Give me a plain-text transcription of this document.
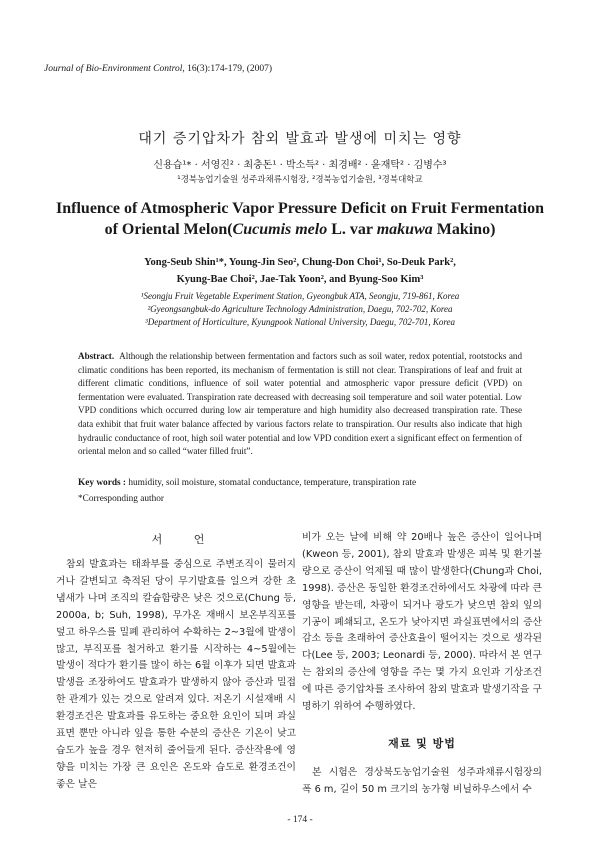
Journal of Bio-Environment Control, 16(3):174-179, (2007)
대기 증기압차가 참외 발효과 발생에 미치는 영향
신용습¹* · 서영진² · 최충돈¹ · 박소득² · 최경배² · 윤재탁² · 김병수³
¹경북농업기술원 성주과채류시험장, ²경북농업기술원, ³경북대학교
Influence of Atmospheric Vapor Pressure Deficit on Fruit Fermentation
of Oriental Melon(Cucumis melo L. var makuwa Makino)
Yong-Seub Shin¹*, Young-Jin Seo², Chung-Don Choi¹, So-Deuk Park²,
Kyung-Bae Choi², Jae-Tak Yoon², and Byung-Soo Kim³
¹Seongju Fruit Vegetable Experiment Station, Gyeongbuk ATA, Seongju, 719-861, Korea
²Gyeongsangbuk-do Agriculture Technology Administration, Daegu, 702-702, Korea
³Department of Horticulture, Kyungpook National University, Daegu, 702-701, Korea
Abstract. Although the relationship between fermentation and factors such as soil water, redox potential, rootstocks and climatic conditions has been reported, its mechanism of fermentation is still not clear. Transpirations of leaf and fruit at different climatic conditions, influence of soil water potential and atmospheric vapor pressure deficit (VPD) on fermentation were evaluated. Transpiration rate decreased with decreasing soil temperature and soil water potential. Low VPD conditions which occurred during low air temperature and high humidity also decreased transpiration rate. These data exhibit that fruit water balance affected by various factors relate to transpiration. Our results also indicate that high hydraulic conductance of root, high soil water potential and low VPD condition exert a significant effect on fermention of oriental melon and so called “water filled fruit”.
Key words : humidity, soil moisture, stomatal conductance, temperature, transpiration rate
*Corresponding author
서 언

참외 발효과는 태좌부를 중심으로 주변조직이 물러지거나 갈변되고 축적된 당이 무기발효를 일으켜 강한 초 냄새가 나며 조직의 칼슘함량은 낮은 것으로(Chung 등, 2000a, b; Suh, 1998), 무가온 재배시 보온부직포를 덮고 하우스를 밀폐 관리하여 수확하는 2~3월에 발생이 많고, 부직포를 철거하고 환기를 시작하는 4~5월에는 발생이 적다가 환기를 많이 하는 6월 이후가 되면 발효과 발생을 조장하여도 발효과가 발생하지 않아 증산과 밀접한 관계가 있는 것으로 알려져 있다. 저온기 시설재배 시 환경조건은 발효과를 유도하는 중요한 요인이 되며 과실표면 뿐만 아니라 잎을 통한 수분의 증산은 기온이 낮고 습도가 높을 경우 현저히 줄어들게 된다. 증산작용에 영향을 미치는 가장 큰 요인은 온도와 습도로 환경조건이 좋은 날은

비가 오는 날에 비해 약 20배나 높은 증산이 일어나며(Kweon 등, 2001), 참외 발효과 발생은 피복 및 환기불량으로 증산이 억제될 때 많이 발생한다(Chung과 Choi, 1998). 증산은 동일한 환경조건하에서도 차광에 따라 큰 영향을 받는데, 차광이 되거나 광도가 낮으면 참외 잎의 기공이 폐쇄되고, 온도가 낮아지면 과실표면에서의 증산감소 등을 초래하여 증산효율이 떨어지는 것으로 생각된다(Lee 등, 2003; Leonardi 등, 2000). 따라서 본 연구는 참외의 증산에 영향을 주는 몇 가지 요인과 기상조건에 따른 증기압차를 조사하여 참외 발효과 발생기작을 구명하기 위하여 수행하였다.

재료 및 방법

본 시험은 경상북도농업기술원 성주과채류시험장의 폭 6 m, 길이 50 m 크기의 농가형 비닐하우스에서 수

- 174 -
